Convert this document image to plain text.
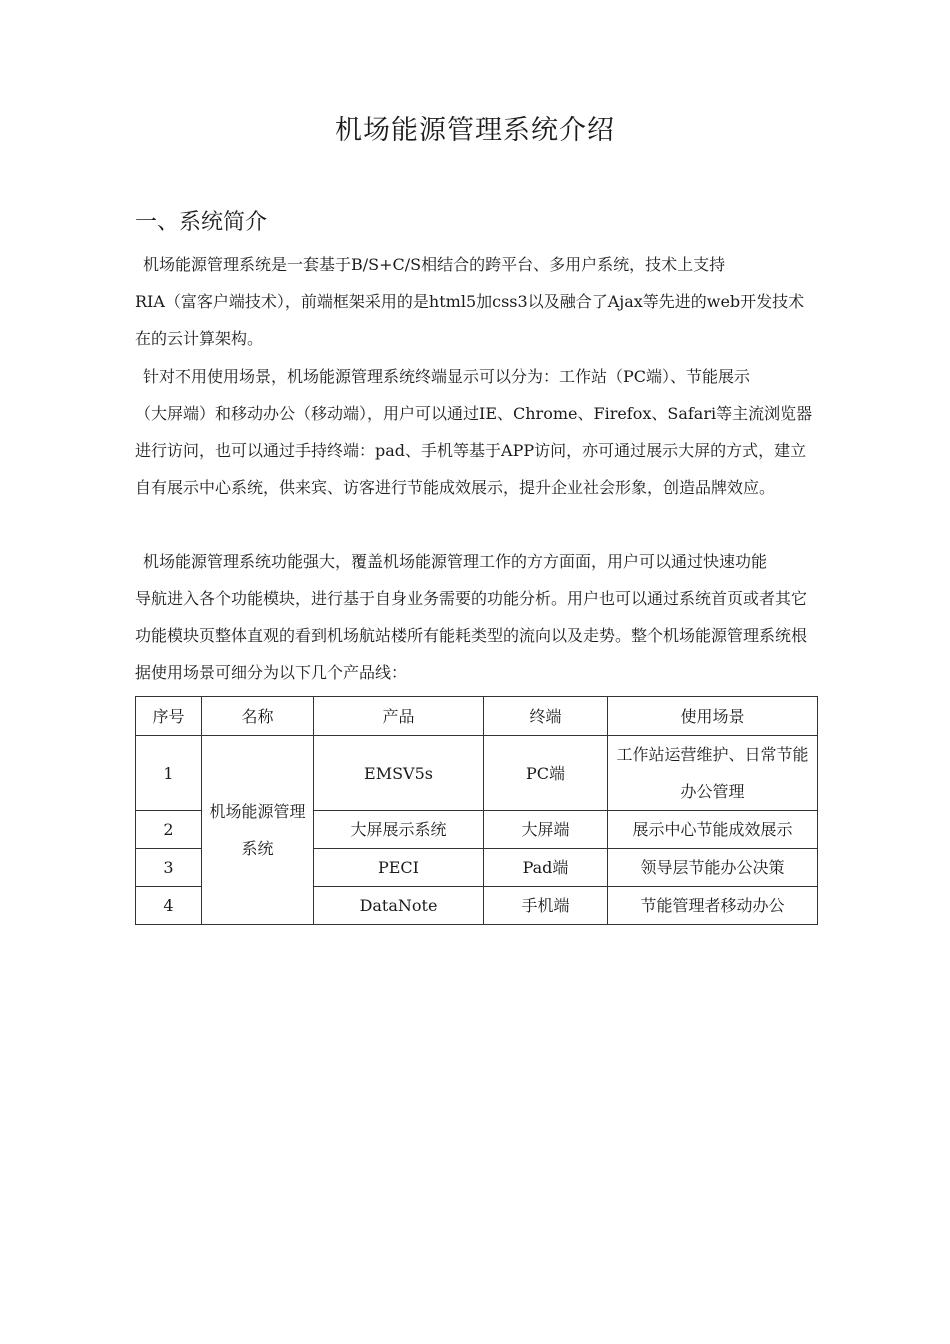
机场能源管理系统介绍
一、系统简介
机场能源管理系统是一套基于B/S+C/S相结合的跨平台、多用户系统，技术上支持
RIA（富客户端技术），前端框架采用的是html5加css3以及融合了Ajax等先进的web开发技术在的云计算架构。
针对不用使用场景，机场能源管理系统终端显示可以分为：工作站（PC端）、节能展示
（大屏端）和移动办公（移动端），用户可以通过IE、Chrome、Firefox、Safari等主流浏览器进行访问，也可以通过手持终端：pad、手机等基于APP访问，亦可通过展示大屏的方式，建立自有展示中心系统，供来宾、访客进行节能成效展示，提升企业社会形象，创造品牌效应。
机场能源管理系统功能强大，覆盖机场能源管理工作的方方面面，用户可以通过快速功能
导航进入各个功能模块，进行基于自身业务需要的功能分析。用户也可以通过系统首页或者其它功能模块页整体直观的看到机场航站楼所有能耗类型的流向以及走势。整个机场能源管理系统根据使用场景可细分为以下几个产品线：
序号	名称	产品	终端	使用场景
1	机场能源管理系统	EMSV5s	PC端	工作站运营维护、日常节能办公管理
2		大屏展示系统	大屏端	展示中心节能成效展示
3		PECI	Pad端	领导层节能办公决策
4		DataNote	手机端	节能管理者移动办公
